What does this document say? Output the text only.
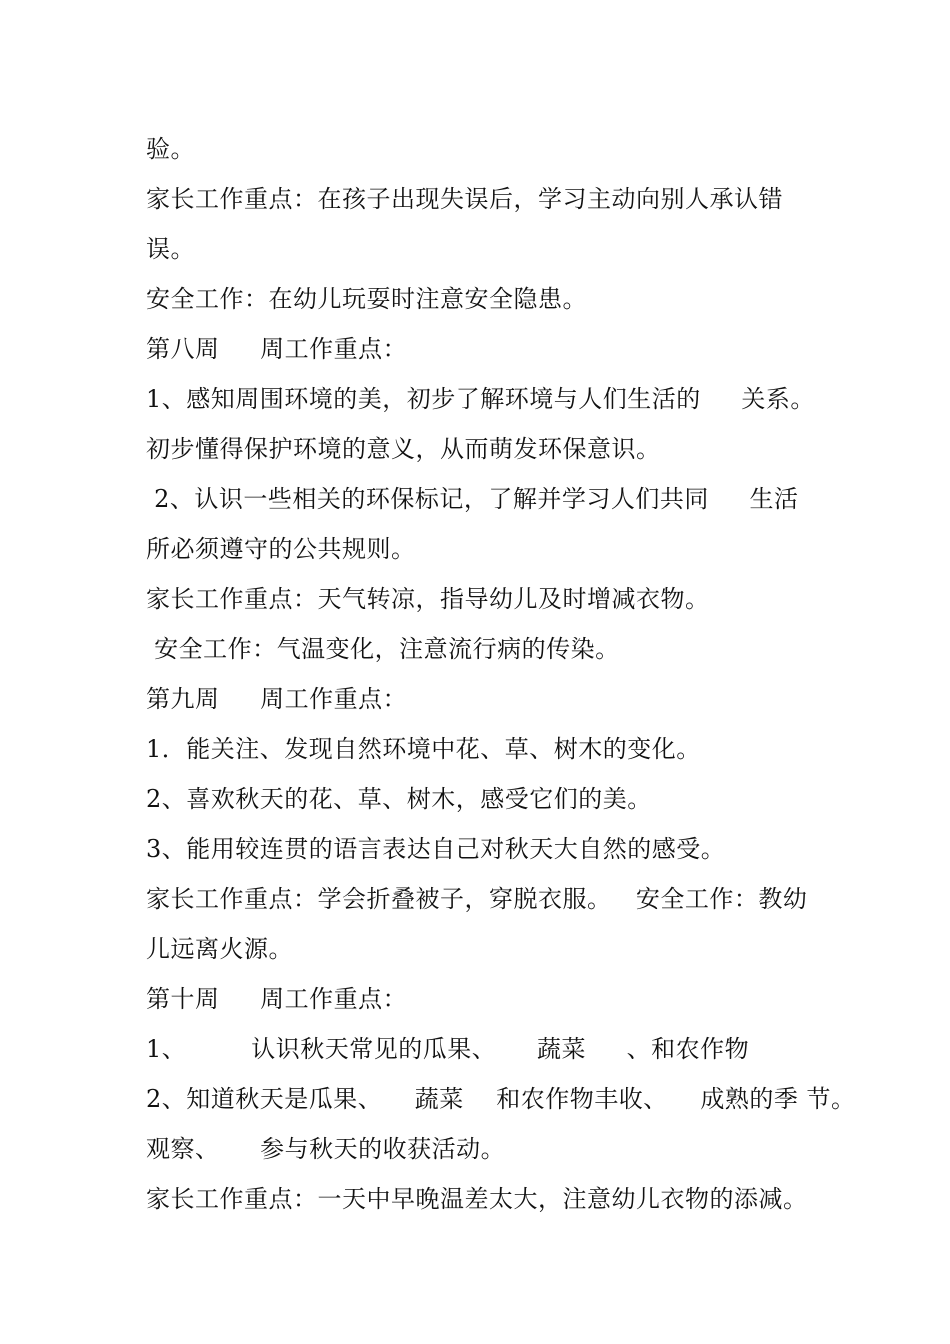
验。
家长工作重点：在孩子出现失误后，学习主动向别人承认错
误。
安全工作：在幼儿玩耍时注意安全隐患。
第八周     周工作重点：
1、感知周围环境的美，初步了解环境与人们生活的     关系。
初步懂得保护环境的意义，从而萌发环保意识。
2、认识一些相关的环保标记，了解并学习人们共同     生活
所必须遵守的公共规则。
家长工作重点：天气转凉，指导幼儿及时增减衣物。
安全工作：气温变化，注意流行病的传染。
第九周     周工作重点：
1．能关注、发现自然环境中花、草、树木的变化。
2、喜欢秋天的花、草、树木，感受它们的美。
3、能用较连贯的语言表达自己对秋天大自然的感受。
家长工作重点：学会折叠被子，穿脱衣服。   安全工作：教幼
儿远离火源。
第十周     周工作重点：
1、        认识秋天常见的瓜果、     蔬菜     、和农作物
2、知道秋天是瓜果、    蔬菜    和农作物丰收、    成熟的季 节。
观察、     参与秋天的收获活动。
家长工作重点：一天中早晚温差太大，注意幼儿衣物的添减。
